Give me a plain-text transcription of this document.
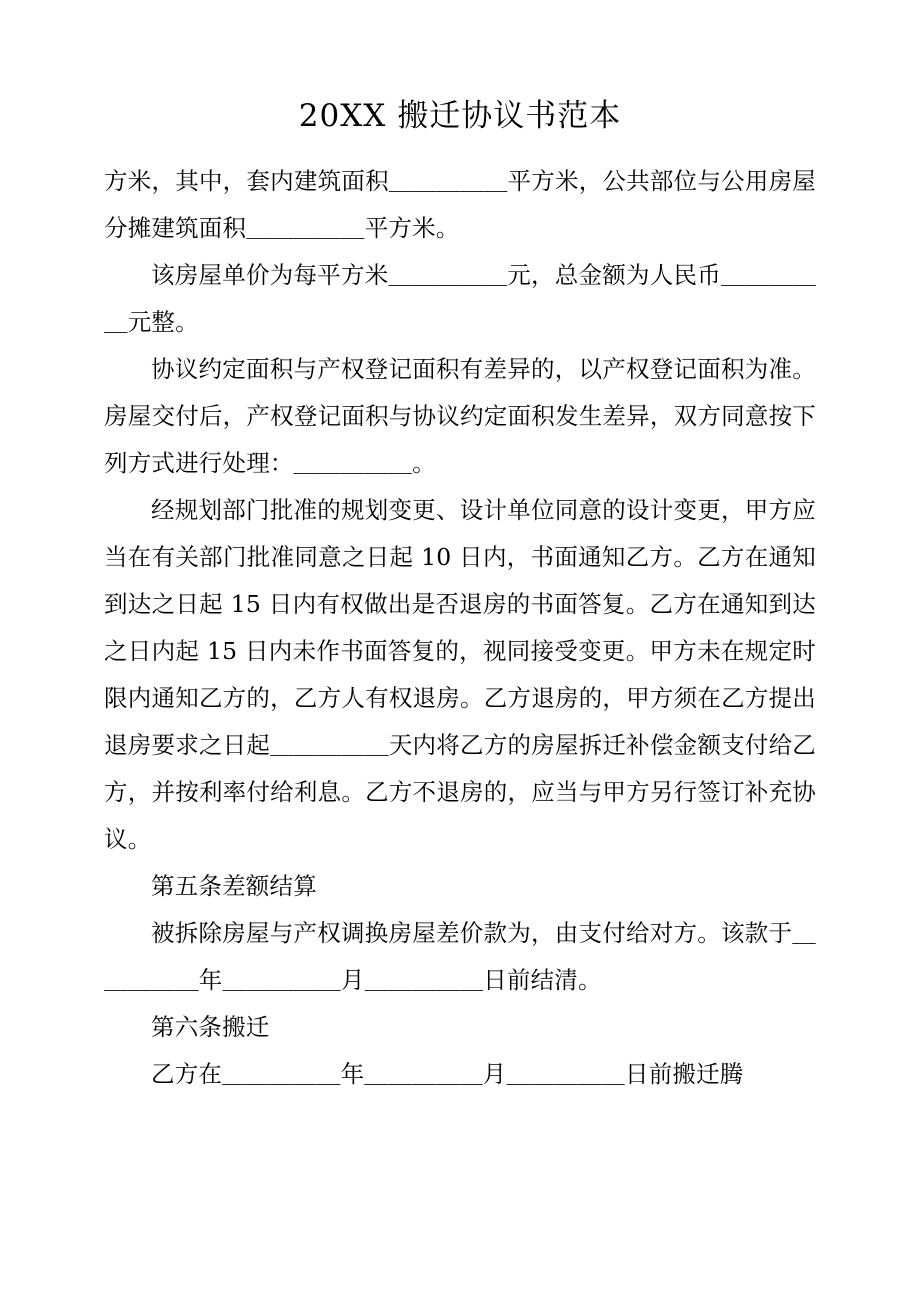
20XX 搬迁协议书范本

方米，其中，套内建筑面积＿＿＿＿＿平方米，公共部位与公用房屋分摊建筑面积＿＿＿＿＿平方米。

该房屋单价为每平方米＿＿＿＿＿元，总金额为人民币＿＿＿＿＿元整。

协议约定面积与产权登记面积有差异的，以产权登记面积为准。房屋交付后，产权登记面积与协议约定面积发生差异，双方同意按下列方式进行处理：＿＿＿＿＿。

经规划部门批准的规划变更、设计单位同意的设计变更，甲方应当在有关部门批准同意之日起 10 日内，书面通知乙方。乙方在通知到达之日起 15 日内有权做出是否退房的书面答复。乙方在通知到达之日内起 15 日内未作书面答复的，视同接受变更。甲方未在规定时限内通知乙方的，乙方人有权退房。乙方退房的，甲方须在乙方提出退房要求之日起＿＿＿＿＿天内将乙方的房屋拆迁补偿金额支付给乙方，并按利率付给利息。乙方不退房的，应当与甲方另行签订补充协议。

第五条差额结算

被拆除房屋与产权调换房屋差价款为，由支付给对方。该款于＿＿＿＿＿年＿＿＿＿＿月＿＿＿＿＿日前结清。

第六条搬迁

乙方在＿＿＿＿＿年＿＿＿＿＿月＿＿＿＿＿日前搬迁腾
